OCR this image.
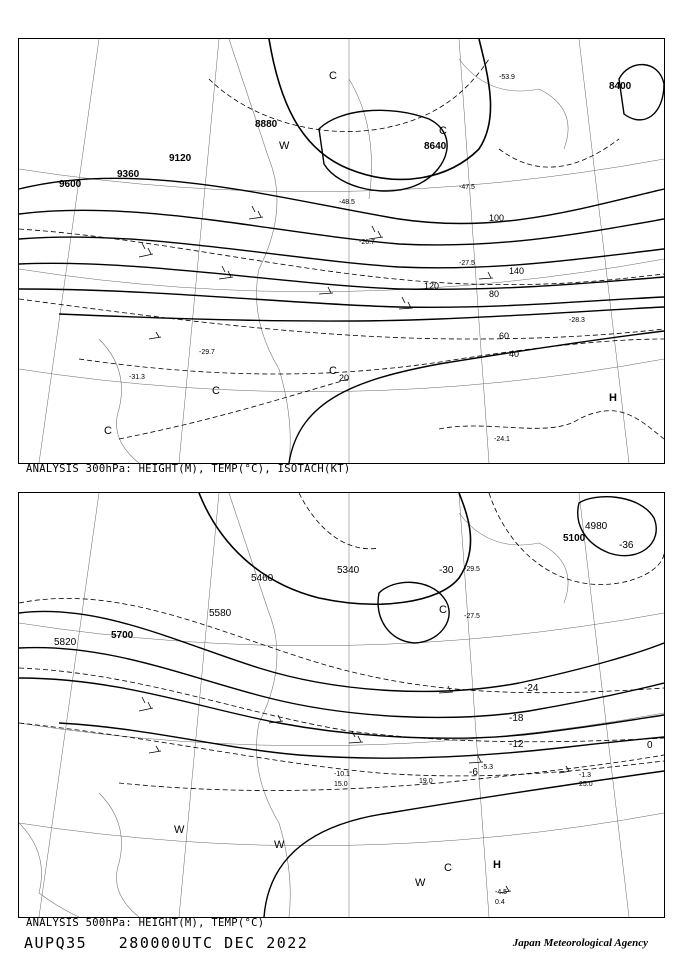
9600
9360
9120
8880
8640
8400
20
40
60
80
100
120
140
-31.3
-29.7
-28.3
-27.5
-26.7
-24.1
-47.5
-48.5
-53.9
C
C
C
C
C
H
W
ANALYSIS 300hPa: HEIGHT(M), TEMP(°C), ISOTACH(KT)
5820
5700
5580
5460
5340
5100
4980
-36
-30
-24
-18
-12
-6
0
-5.3
-1.3
-4.5
-29.5
-27.5
-10.1
15.0	19.0	25.0
0.4
C
C	H
W
W
W
ANALYSIS 500hPa: HEIGHT(M), TEMP(°C)
AUPQ35 280000UTC DEC 2022	Japan Meteorological Agency
